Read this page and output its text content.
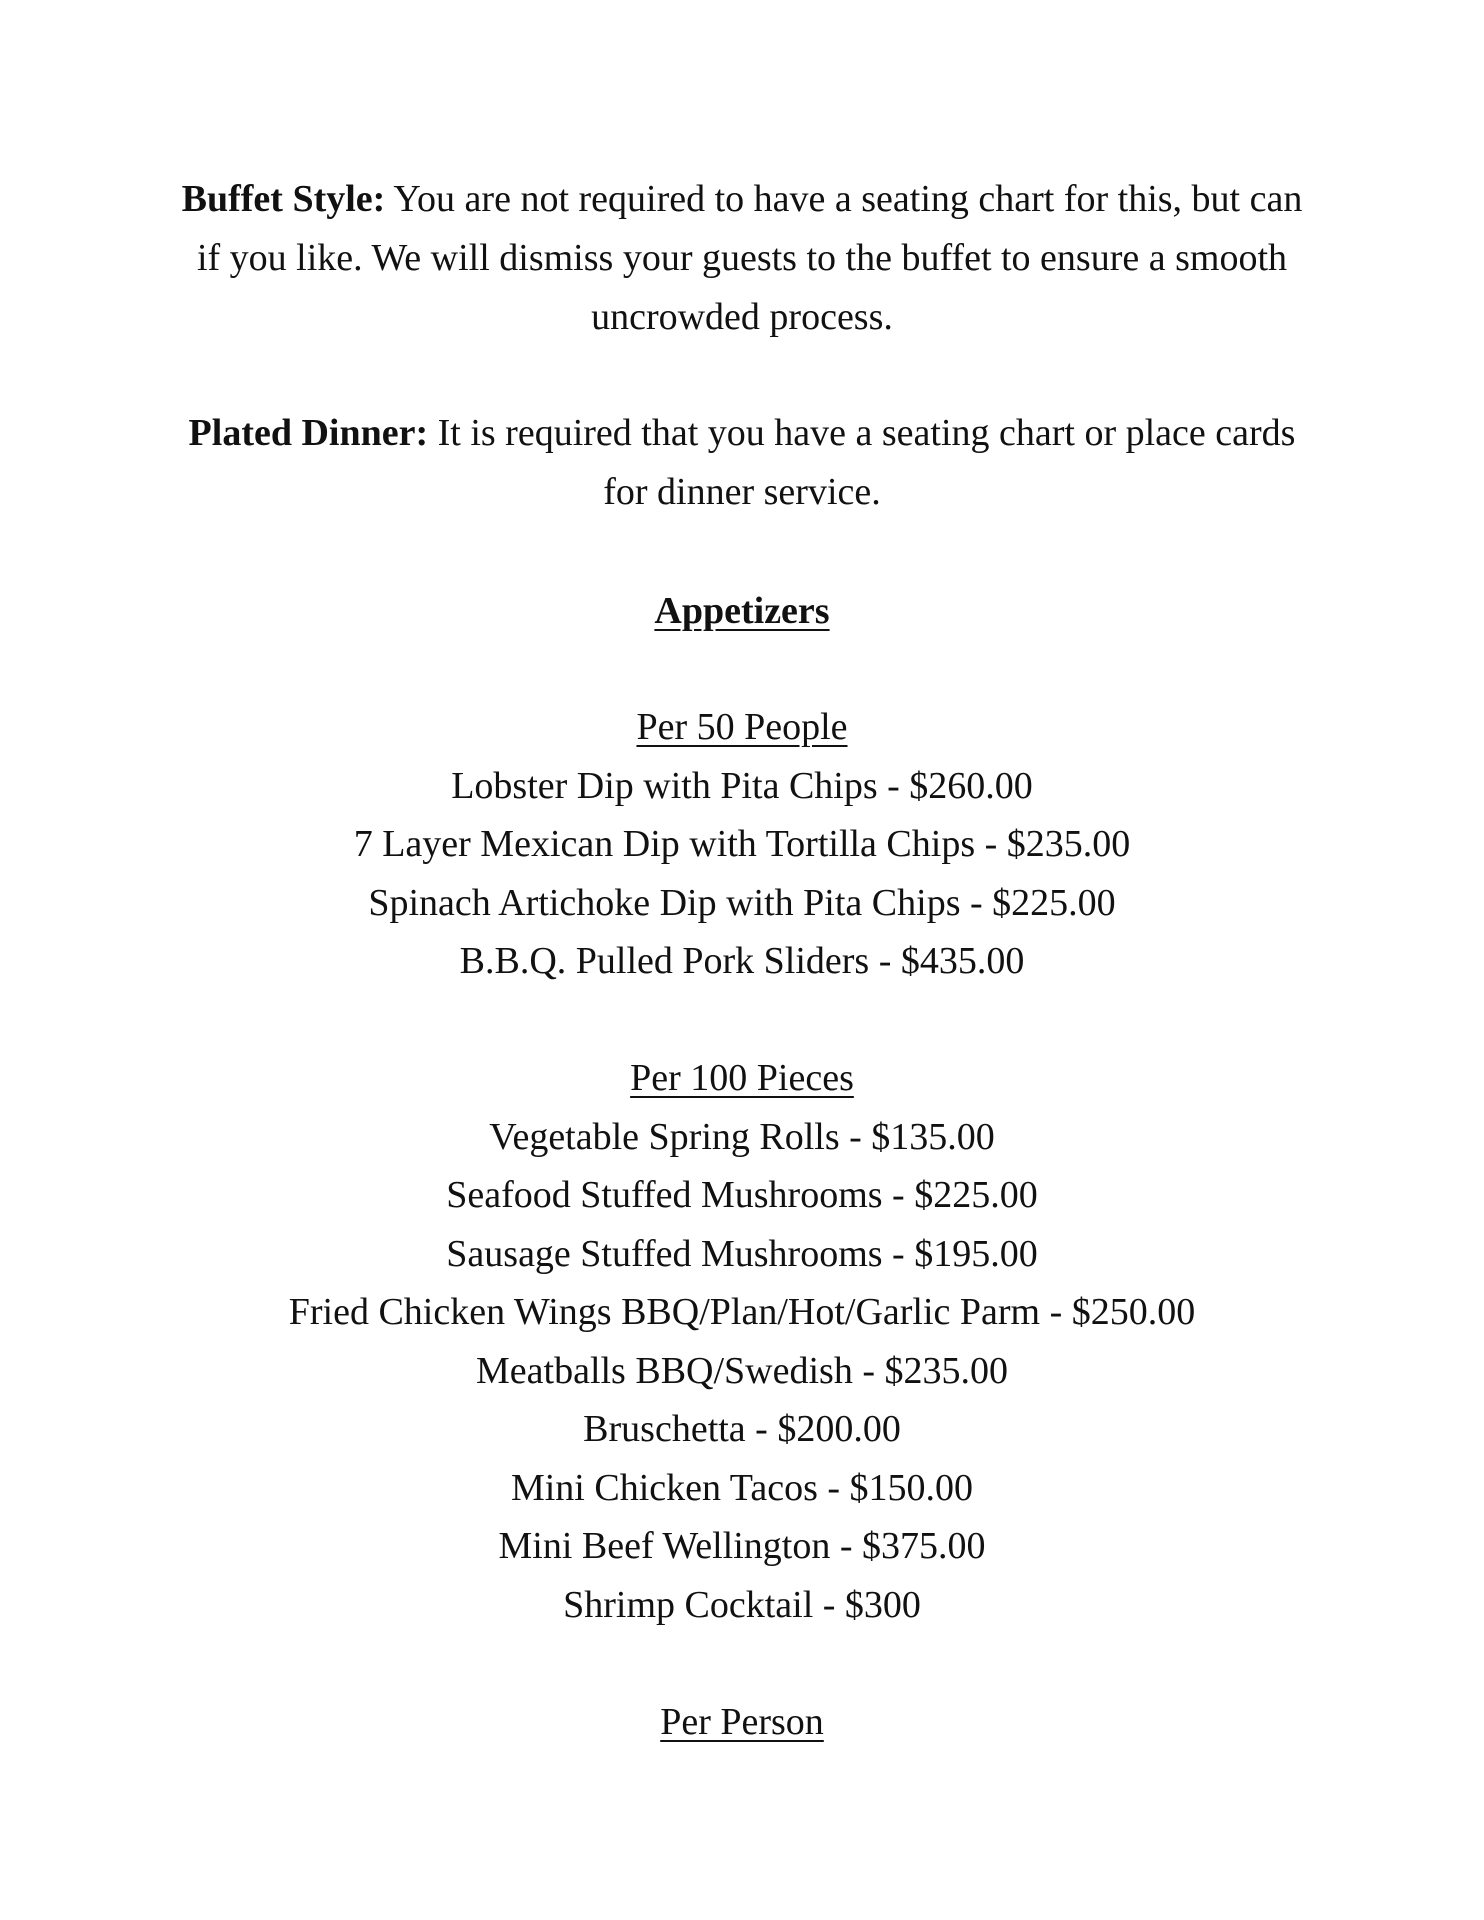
Buffet Style: You are not required to have a seating chart for this, but can if you like. We will dismiss your guests to the buffet to ensure a smooth uncrowded process.

Plated Dinner: It is required that you have a seating chart or place cards for dinner service.

Appetizers
Per 50 People
Lobster Dip with Pita Chips - $260.00
7 Layer Mexican Dip with Tortilla Chips - $235.00
Spinach Artichoke Dip with Pita Chips - $225.00
B.B.Q. Pulled Pork Sliders - $435.00
Per 100 Pieces
Vegetable Spring Rolls - $135.00
Seafood Stuffed Mushrooms - $225.00
Sausage Stuffed Mushrooms - $195.00
Fried Chicken Wings BBQ/Plan/Hot/Garlic Parm - $250.00
Meatballs BBQ/Swedish - $235.00
Bruschetta - $200.00
Mini Chicken Tacos - $150.00
Mini Beef Wellington - $375.00
Shrimp Cocktail - $300
Per Person
